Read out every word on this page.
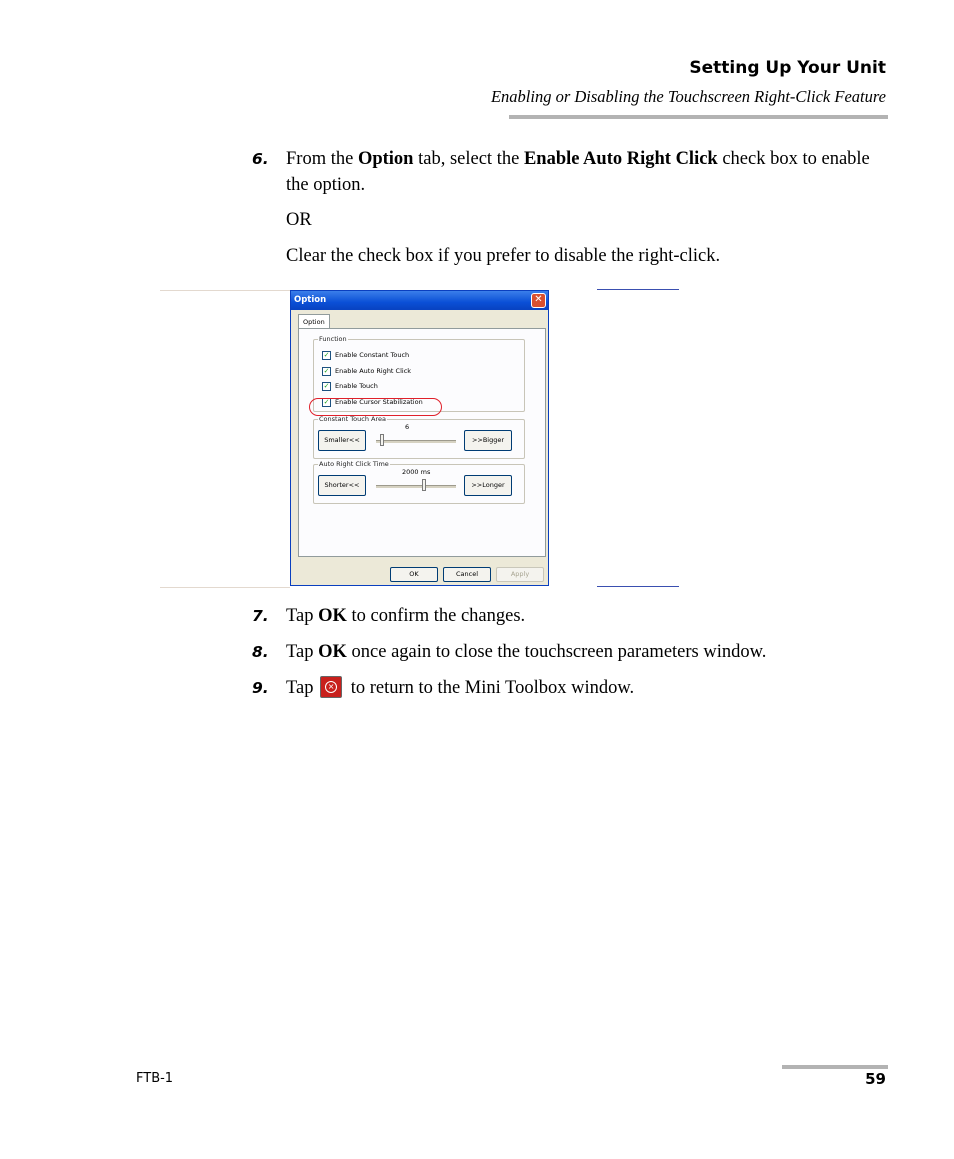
Setting Up Your Unit
Enabling or Disabling the Touchscreen Right-Click Feature
6. From the Option tab, select the Enable Auto Right Click check box to enable the option.
OR
Clear the check box if you prefer to disable the right-click.
Option	✕
Option
Function
✓ Enable Constant Touch
✓ Enable Auto Right Click
✓ Enable Touch
✓ Enable Cursor Stabilization
Constant Touch Area
Smaller<<
6
>>Bigger
Auto Right Click Time
Shorter<<
2000 ms
>>Longer
OK	Cancel	Apply
7. Tap OK to confirm the changes.
8. Tap OK once again to close the touchscreen parameters window.
9. Tap	× to return to the Mini Toolbox window.
FTB-1	59
